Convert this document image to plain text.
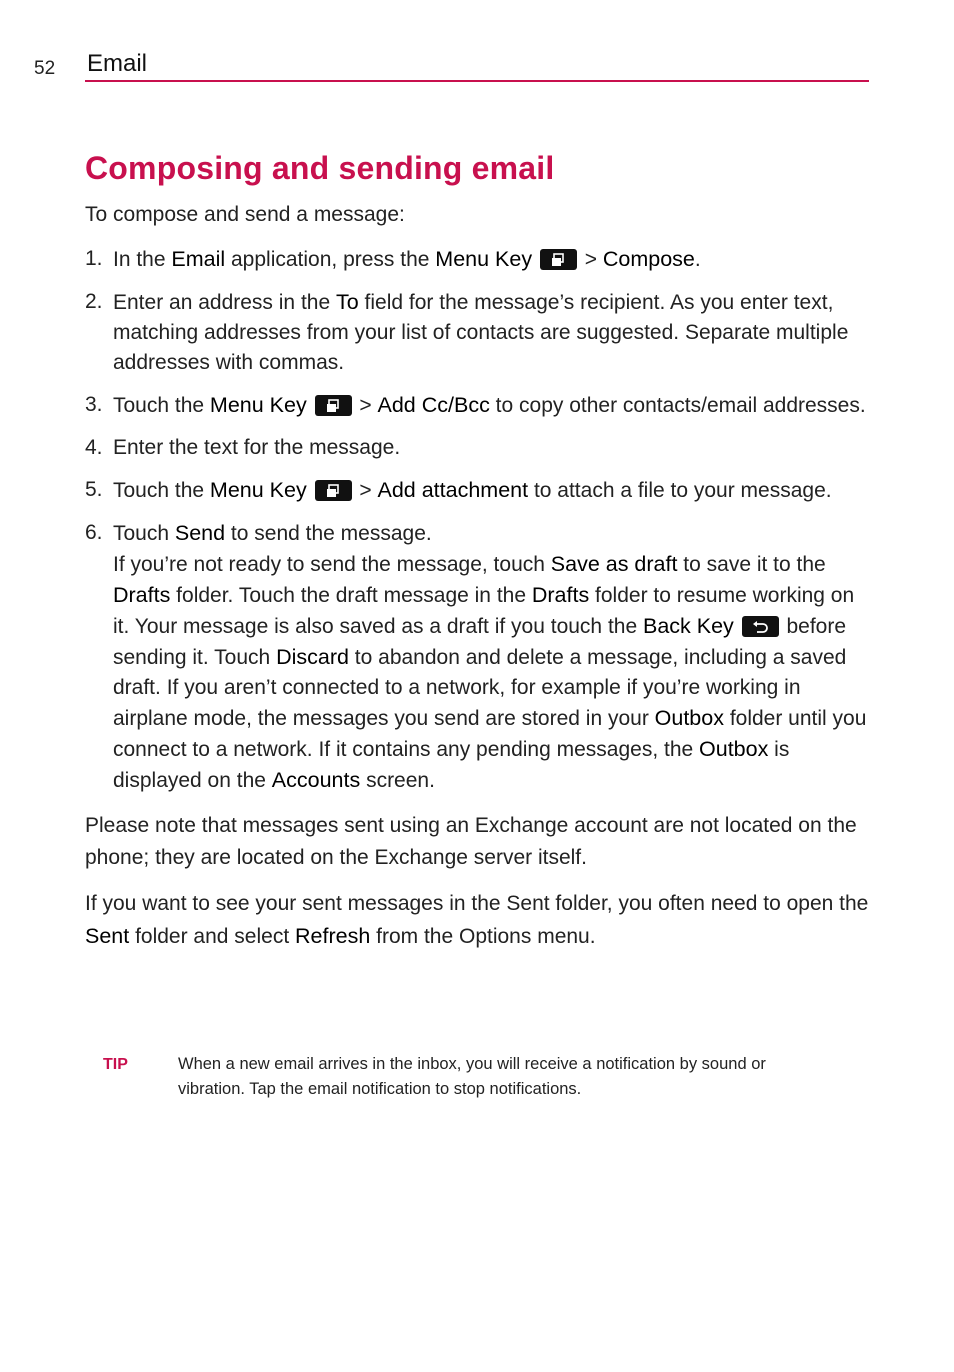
52 Email
Composing and sending email

To compose and send a message:

1. In the Email application, press the Menu Key
> Compose.
2. Enter an address in the To field for the message’s recipient. As you enter text, matching addresses from your list of contacts are suggested. Separate multiple addresses with commas.
3. Touch the Menu Key
> Add Cc/Bcc to copy other contacts/email addresses.
4. Enter the text for the message.
5. Touch the Menu Key
> Add attachment to attach a file to your message.
6. Touch Send to send the message.
If you’re not ready to send the message, touch Save as draft to save it to the Drafts folder. Touch the draft message in the Drafts folder to resume working on it. Your message is also saved as a draft if you touch the Back Key
before sending it. Touch Discard to abandon and delete a message, including a saved draft. If you aren’t connected to a network, for example if you’re working in airplane mode, the messages you send are stored in your Outbox folder until you connect to a network. If it contains any pending messages, the Outbox is displayed on the Accounts screen.

Please note that messages sent using an Exchange account are not located on the phone; they are located on the Exchange server itself.

If you want to see your sent messages in the Sent folder, you often need to open the Sent folder and select Refresh from the Options menu.

TIP	When a new email arrives in the inbox, you will receive a notification by sound or vibration. Tap the email notification to stop notifications.
